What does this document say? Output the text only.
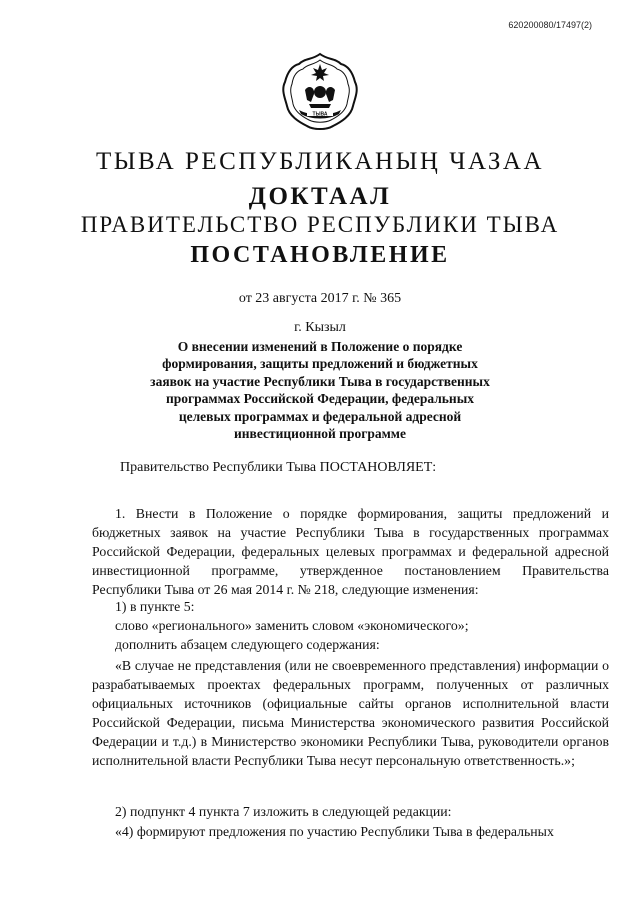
620200080/17497(2)
ТЫВА
ТЫВА РЕСПУБЛИКАНЫҢ ЧАЗАА
ДОКТААЛ
ПРАВИТЕЛЬСТВО РЕСПУБЛИКИ ТЫВА
ПОСТАНОВЛЕНИЕ
от 23 августа 2017 г. № 365
г. Кызыл
О внесении изменений в Положение о порядке формирования, защиты предложений и бюджетных заявок на участие Республики Тыва в государственных программах Российской Федерации, федеральных целевых программах и федеральной адресной инвестиционной программе
Правительство Республики Тыва ПОСТАНОВЛЯЕТ:

1. Внести в Положение о порядке формирования, защиты предложений и бюджетных заявок на участие Республики Тыва в государственных программах Российской Федерации, федеральных целевых программах и федеральной адресной инвестиционной программе, утвержденное постановлением Правительства Республики Тыва от 26 мая 2014 г. № 218, следующие изменения:

1) в пункте 5:
слово «регионального» заменить словом «экономического»;
дополнить абзацем следующего содержания:

«В случае не представления (или не своевременного представления) информации о разрабатываемых проектах федеральных программ, полученных от различных официальных источников (официальные сайты органов исполнительной власти Российской Федерации, письма Министерства экономического развития Российской Федерации и т.д.) в Министерство экономики Республики Тыва, руководители органов исполнительной власти Республики Тыва несут персональную ответственность.»;

2) подпункт 4 пункта 7 изложить в следующей редакции:

«4) формируют предложения по участию Республики Тыва в федеральных
